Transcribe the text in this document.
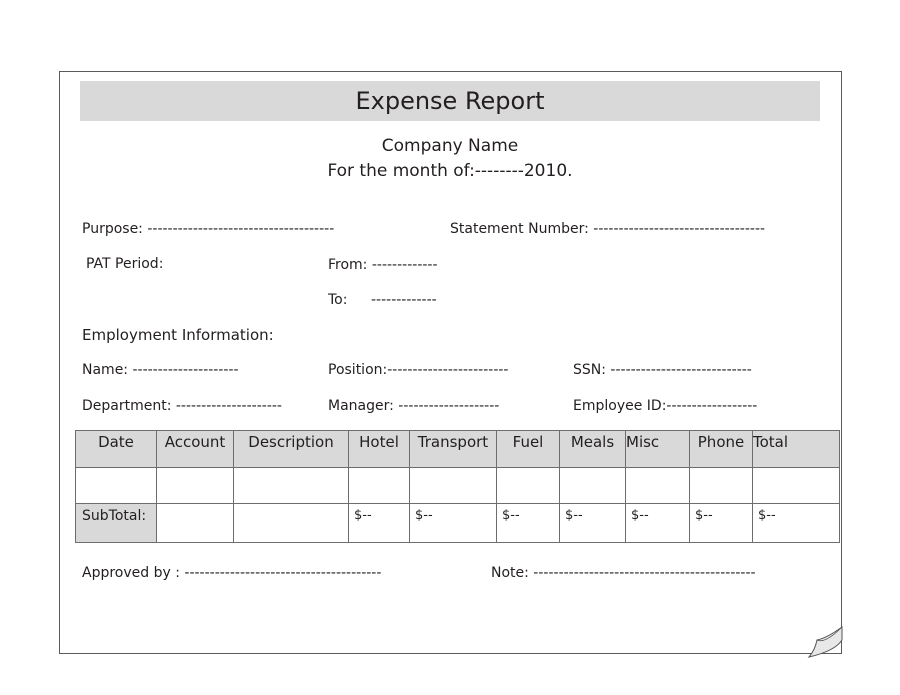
Expense Report
Company Name
For the month of:--------2010.
Purpose: -------------------------------------	Statement Number: ----------------------------------
PAT Period:	From: -------------
To: -------------
Employment Information:
Name: ---------------------	Position:------------------------	SSN: ----------------------------
Department: ---------------------	Manager: --------------------	Employee ID:------------------
Date	Account	Description	Hotel	Transport	Fuel	Meals	Misc	Phone	Total

SubTotal:			$--	$--	$--	$--	$--	$--	$--
Approved by : ---------------------------------------	Note: --------------------------------------------
